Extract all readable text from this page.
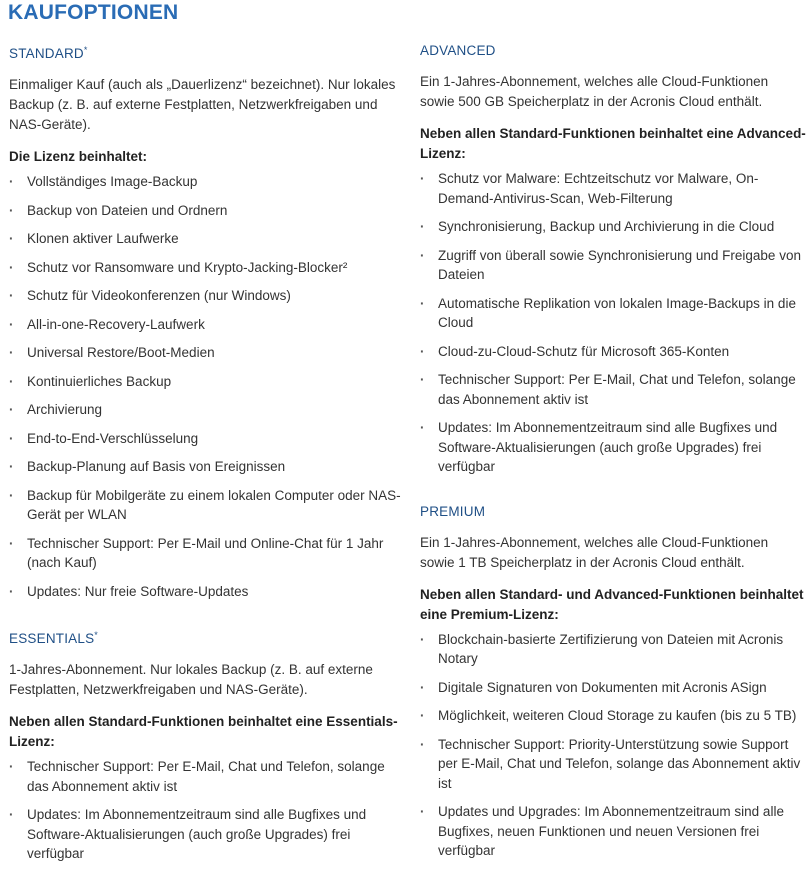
KAUFOPTIONEN
STANDARD*

Einmaliger Kauf (auch als „Dauerlizenz“ bezeichnet). Nur lokales Backup (z. B. auf externe Festplatten, Netzwerkfreigaben und NAS-Geräte).

Die Lizenz beinhaltet:

· Vollständiges Image-Backup
· Backup von Dateien und Ordnern
· Klonen aktiver Laufwerke
· Schutz vor Ransomware und Krypto-Jacking-Blocker²
· Schutz für Videokonferenzen (nur Windows)
· All-in-one-Recovery-Laufwerk
· Universal Restore/Boot-Medien
· Kontinuierliches Backup
· Archivierung
· End-to-End-Verschlüsselung
· Backup-Planung auf Basis von Ereignissen
· Backup für Mobilgeräte zu einem lokalen Computer oder NAS-Gerät per WLAN
· Technischer Support: Per E-Mail und Online-Chat für 1 Jahr (nach Kauf)
· Updates: Nur freie Software-Updates
ESSENTIALS*

1-Jahres-Abonnement. Nur lokales Backup (z. B. auf externe Festplatten, Netzwerkfreigaben und NAS-Geräte).

Neben allen Standard-Funktionen beinhaltet eine Essentials-Lizenz:

· Technischer Support: Per E-Mail, Chat und Telefon, solange das Abonnement aktiv ist
· Updates: Im Abonnementzeitraum sind alle Bugfixes und Software-Aktualisierungen (auch große Upgrades) frei verfügbar
ADVANCED

Ein 1-Jahres-Abonnement, welches alle Cloud-Funktionen sowie 500 GB Speicherplatz in der Acronis Cloud enthält.

Neben allen Standard-Funktionen beinhaltet eine Advanced-Lizenz:

· Schutz vor Malware: Echtzeitschutz vor Malware, On-Demand-Antivirus-Scan, Web-Filterung
· Synchronisierung, Backup und Archivierung in die Cloud
· Zugriff von überall sowie Synchronisierung und Freigabe von Dateien
· Automatische Replikation von lokalen Image-Backups in die Cloud
· Cloud-zu-Cloud-Schutz für Microsoft 365-Konten
· Technischer Support: Per E-Mail, Chat und Telefon, solange das Abonnement aktiv ist
· Updates: Im Abonnementzeitraum sind alle Bugfixes und Software-Aktualisierungen (auch große Upgrades) frei verfügbar
PREMIUM

Ein 1-Jahres-Abonnement, welches alle Cloud-Funktionen sowie 1 TB Speicherplatz in der Acronis Cloud enthält.

Neben allen Standard- und Advanced-Funktionen beinhaltet eine Premium-Lizenz:

· Blockchain-basierte Zertifizierung von Dateien mit Acronis Notary
· Digitale Signaturen von Dokumenten mit Acronis ASign
· Möglichkeit, weiteren Cloud Storage zu kaufen (bis zu 5 TB)
· Technischer Support: Priority-Unterstützung sowie Support per E-Mail, Chat und Telefon, solange das Abonnement aktiv ist
· Updates und Upgrades: Im Abonnementzeitraum sind alle Bugfixes, neuen Funktionen und neuen Versionen frei verfügbar
